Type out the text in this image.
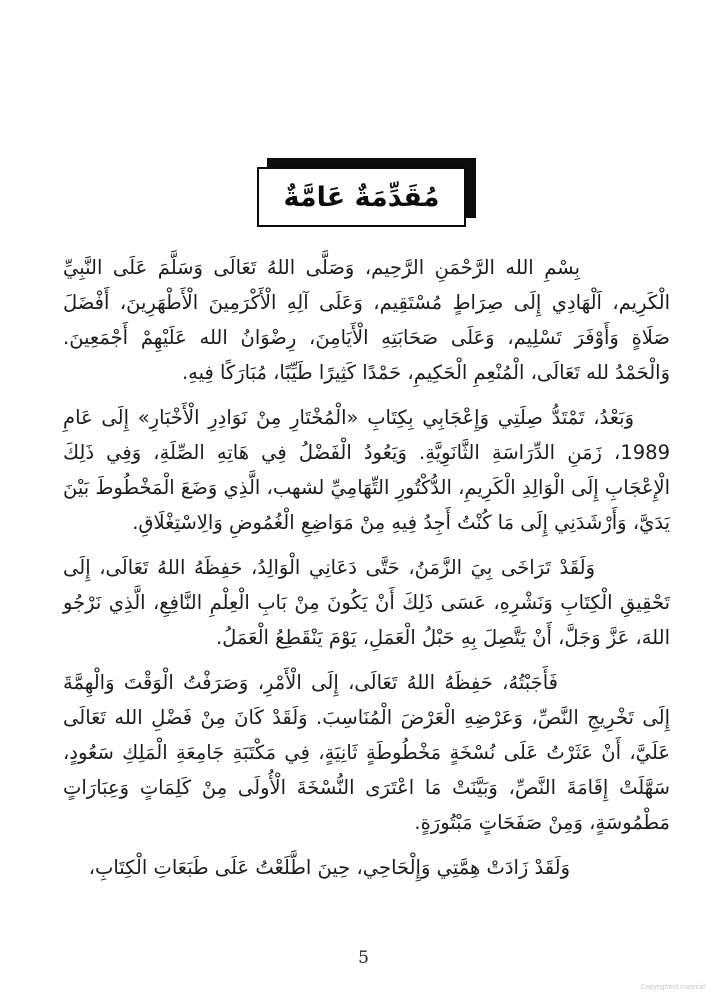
مُقَدِّمَةٌ عَامَّةٌ

بِسْمِ الله الرَّحْمَنِ الرَّحِيم، وَصَلَّى اللهُ تَعَالَى وَسَلَّمَ عَلَى النَّبِيِّ الْكَرِيم، اَلْهَادِي إِلَى صِرَاطٍ مُسْتَقِيم، وَعَلَى آلِهِ الْأَكْرَمِينَ الْأَطْهَرِينَ، أَفْضَلَ صَلَاةٍ وَأَوْفَرَ تَسْلِيم، وَعَلَى صَحَابَتِهِ الْأَيَامِنَ، رِضْوَانُ الله عَلَيْهِمْ أَجْمَعِينَ. وَالْحَمْدُ لله تَعَالَى، الْمُنْعِمِ الْحَكِيمِ، حَمْدًا كَثِيرًا طَيِّبًا، مُبَارَكًا فِيهِ.

وَبَعْدُ، تَمْتَدُّ صِلَتِي وَإِعْجَابِي بِكِتَابِ «الْمُخْتَارِ مِنْ نَوَادِرِ الْأَخْبَارِ» إِلَى عَامِ 1989، زَمَنِ الدِّرَاسَةِ الثَّانَوِيَّةِ. وَيَعُودُ الْفَضْلُ فِي هَاتِهِ الصِّلَةِ، وَفِي ذَلِكَ الْإِعْجَابِ إِلَى الْوَالِدِ الْكَرِيمِ، الدُّكْتُورِ التِّهَامِيِّ لشهب، الَّذِي وَضَعَ الْمَخْطُوطَ بَيْنَ يَدَيَّ، وَأَرْشَدَنِي إِلَى مَا كُنْتُ أَجِدُ فِيهِ مِنْ مَوَاضِعِ الْغُمُوضِ وَالِاسْتِغْلَاقِ.

وَلَقَدْ تَرَاخَى بِيَ الزَّمَنُ، حَتَّى دَعَانِي الْوَالِدُ، حَفِظَهُ اللهُ تَعَالَى، إِلَى تَحْقِيقِ الْكِتَابِ وَنَشْرِهِ، عَسَى ذَلِكَ أَنْ يَكُونَ مِنْ بَابِ الْعِلْمِ النَّافِعِ، الَّذِي نَرْجُو اللهَ، عَزَّ وَجَلَّ، أَنْ يَتَّصِلَ بِهِ حَبْلُ الْعَمَلِ، يَوْمَ يَنْقَطِعُ الْعَمَلُ.

فَأَجَبْتُهُ، حَفِظَهُ اللهُ تَعَالَى، إِلَى الْأَمْرِ، وَصَرَفْتُ الْوَقْتَ وَالْهِمَّةَ إِلَى تَخْرِيجِ النَّصِّ، وَعَرْضِهِ الْعَرْضَ الْمُنَاسِبَ. وَلَقَدْ كَانَ مِنْ فَضْلِ الله تَعَالَى عَلَيَّ، أَنْ عَثَرْتُ عَلَى نُسْخَةٍ مَخْطُوطَةٍ ثَانِيَةٍ، فِي مَكْتَبَةِ جَامِعَةِ الْمَلِكِ سَعُودٍ، سَهَّلَتْ إِقَامَةَ النَّصِّ، وَبَيَّنَتْ مَا اعْتَرَى النُّسْخَةَ الْأُولَى مِنْ كَلِمَاتٍ وَعِبَارَاتٍ مَطْمُوسَةٍ، وَمِنْ صَفَحَاتٍ مَبْتُورَةٍ.

وَلَقَدْ زَادَتْ هِمَّتِي وَإِلْحَاحِي، حِينَ اطَّلَعْتُ عَلَى طَبَعَاتِ الْكِتَابِ،

5
Copyrighted material
